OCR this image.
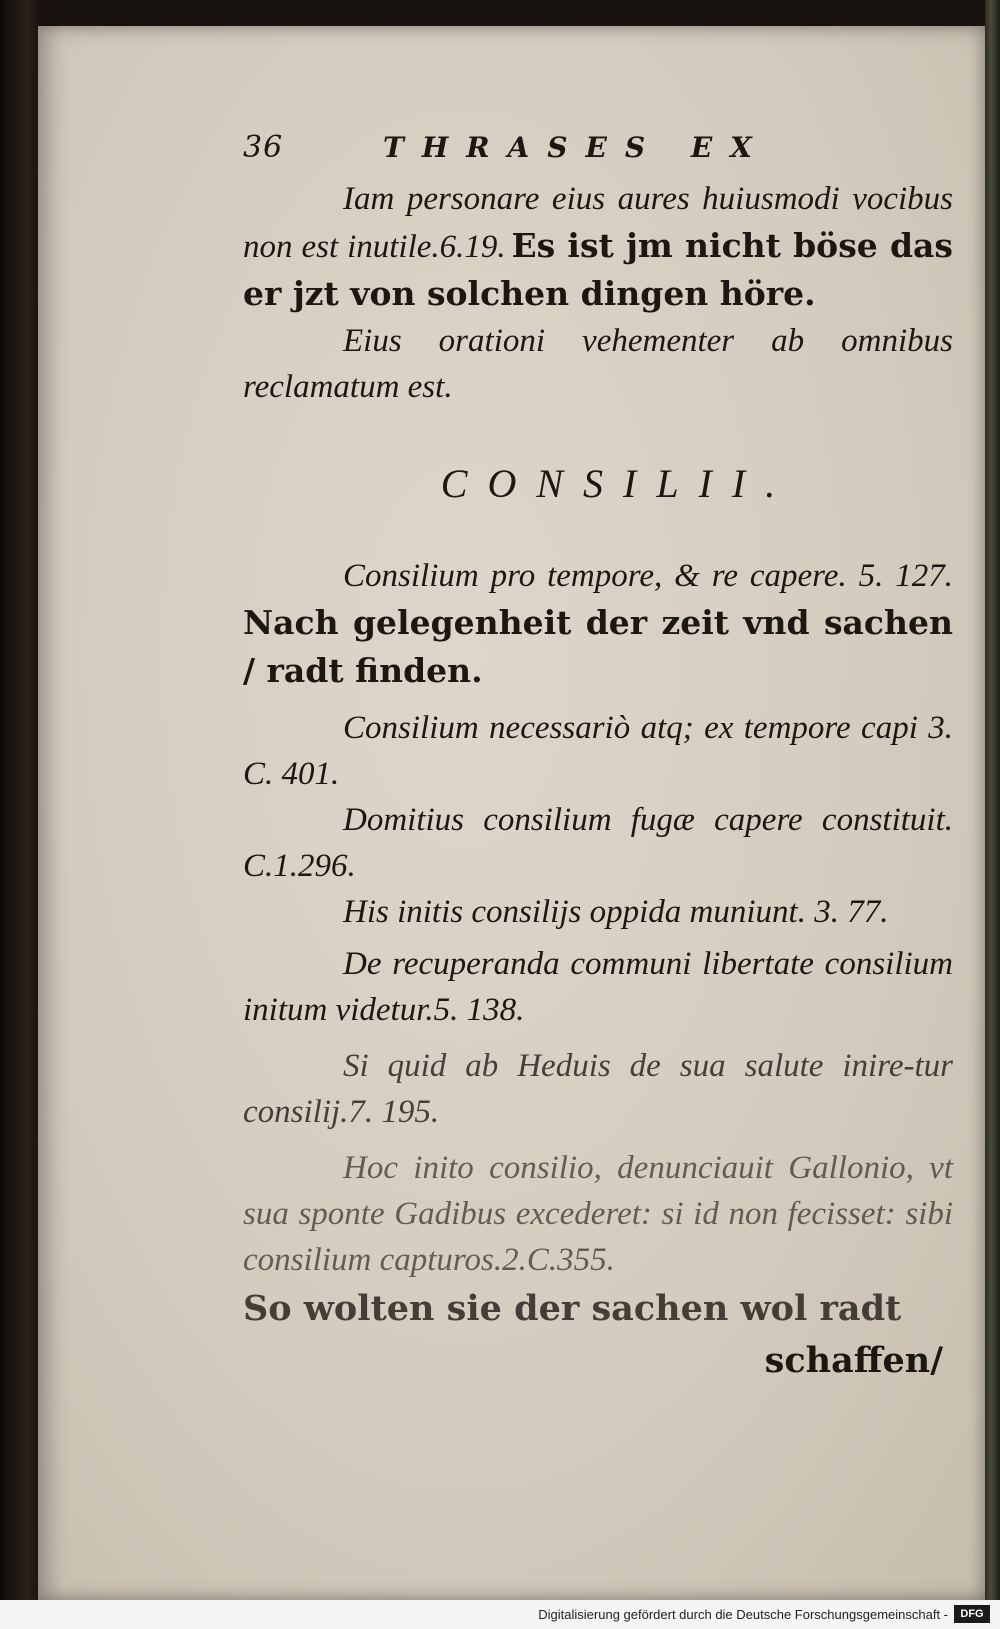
36	THRASES EX
Iam personare eius aures huiusmodi vocibus non est inutile.6.19. Es ist jm nicht böse das er jzt von solchen dingen höre.
Eius orationi vehementer ab omnibus reclamatum est.
CONSILII.
Consilium pro tempore, & re capere. 5. 127. Nach gelegenheit der zeit vnd sachen / radt finden.
Consilium necessariò atq; ex tempore capi 3. C. 401.
Domitius consilium fugæ capere constituit. C.1.296.
His initis consilijs oppida muniunt. 3. 77.
De recuperanda communi libertate consilium initum videtur.5. 138.
Si quid ab Heduis de sua salute inire-tur consilij.7. 195.
Hoc inito consilio, denunciauit Gallonio, vt sua sponte Gadibus excederet: si id non fecisset: sibi consilium capturos.2.C.355.
So wolten sie der sachen wol radt
schaffen/
Digitalisierung gefördert durch die Deutsche Forschungsgemeinschaft -	DFG
